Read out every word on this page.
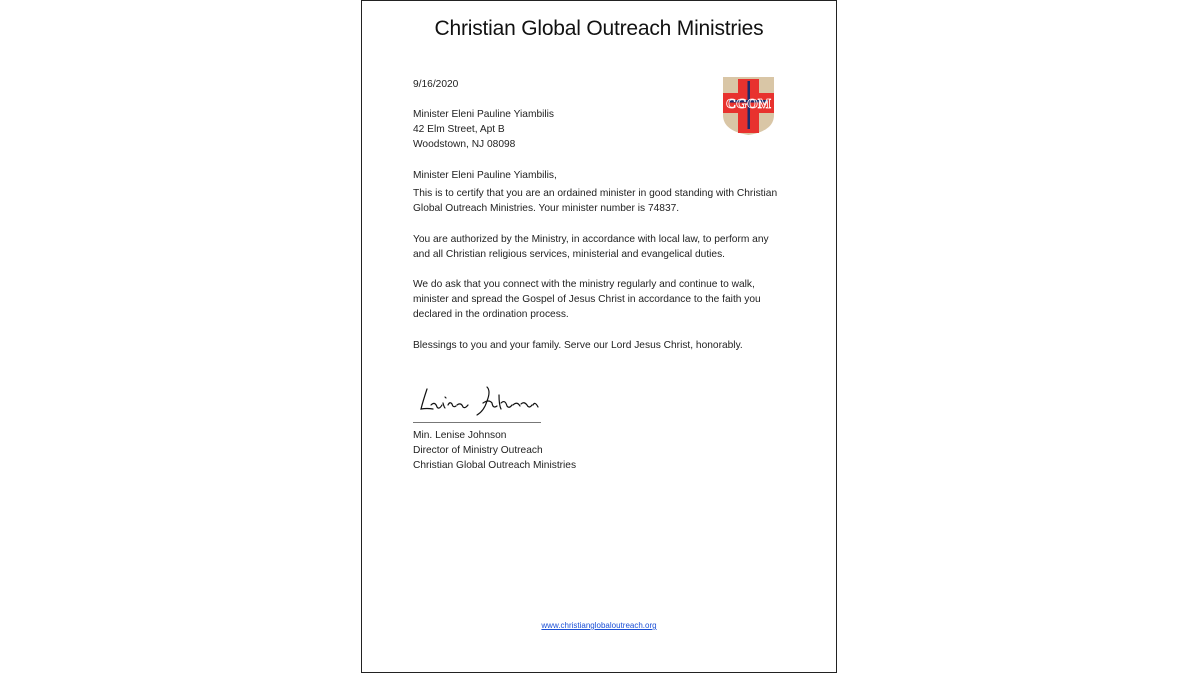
Christian Global Outreach Ministries
9/16/2020
CGOM
Minister Eleni Pauline Yiambilis
42 Elm Street, Apt B
Woodstown, NJ 08098
Minister Eleni Pauline Yiambilis,
This is to certify that you are an ordained minister in good standing with Christian
Global Outreach Ministries. Your minister number is 74837.
You are authorized by the Ministry, in accordance with local law, to perform any
and all Christian religious services, ministerial and evangelical duties.
We do ask that you connect with the ministry regularly and continue to walk,
minister and spread the Gospel of Jesus Christ in accordance to the faith you
declared in the ordination process.
Blessings to you and your family. Serve our Lord Jesus Christ, honorably.
Min. Lenise Johnson
Director of Ministry Outreach
Christian Global Outreach Ministries
www.christianglobaloutreach.org
